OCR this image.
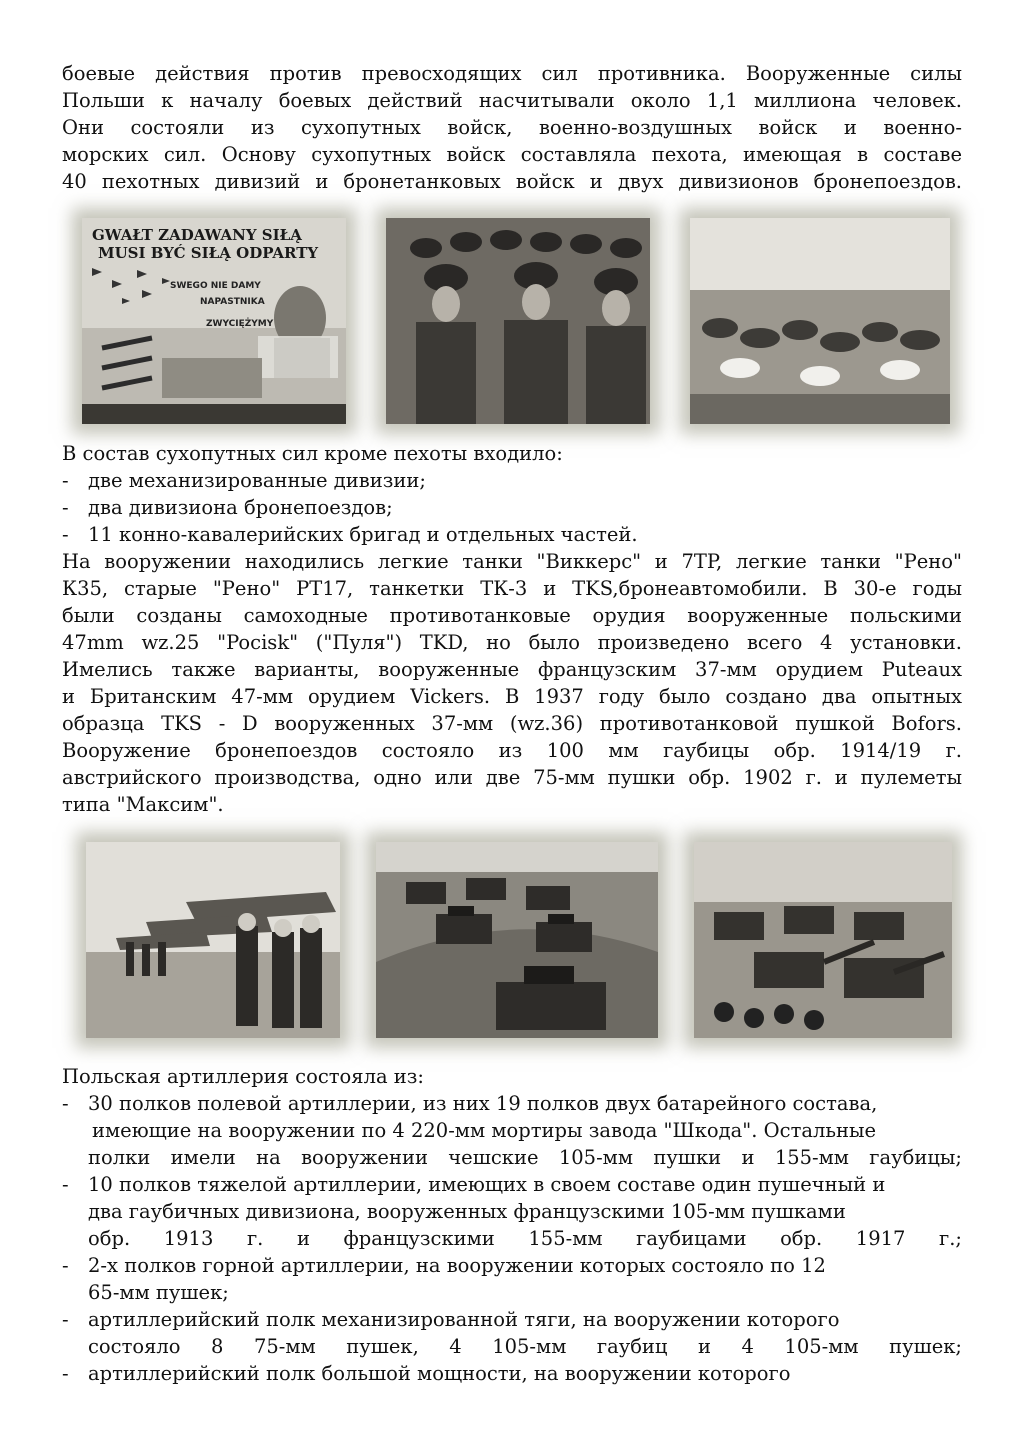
боевые действия против превосходящих сил противника. Вооруженные силы
Польши к началу боевых действий насчитывали около 1,1 миллиона человек.
Они состояли из сухопутных войск, военно-воздушных войск и военно-
морских сил. Основу сухопутных войск составляла пехота, имеющая в составе
40 пехотных дивизий и бронетанковых войск и двух дивизионов бронепоездов.

GWAŁT ZADAWANY SIŁĄ
MUSI BYĆ SIŁĄ ODPARTY
SWEGO NIE DAMY
NAPASTNIKA
ZWYCIĘŻYMY

В состав сухопутных сил кроме пехоты входило:

- две механизированные дивизии;
- два дивизиона бронепоездов;
- 11 конно-кавалерийских бригад и отдельных частей.

На вооружении находились легкие танки "Виккерс" и 7TP, легкие танки "Рено"
К35, старые "Рено" РТ17, танкетки ТК-3 и TKS,бронеавтомобили. В 30-е годы
были созданы самоходные противотанковые орудия вооруженные польскими
47mm wz.25 "Pocisk" ("Пуля") TKD, но было произведено всего 4 установки.
Имелись также варианты, вооруженные французским 37-мм орудием Puteaux
и Британским 47-мм орудием Vickers. В 1937 году было создано два опытных
образца TKS - D вооруженных 37-мм (wz.36) противотанковой пушкой Bofors.
Вооружение бронепоездов состояло из 100 мм гаубицы обр. 1914/19 г.
австрийского производства, одно или две 75-мм пушки обр. 1902 г. и пулеметы
типа "Максим".

Польская артиллерия состояла из:

- 30 полков полевой артиллерии, из них 19 полков двух батарейного состава,
имеющие на вооружении по 4 220-мм мортиры завода "Шкода". Остальные
полки имели на вооружении чешские 105-мм пушки и 155-мм гаубицы;
- 10 полков тяжелой артиллерии, имеющих в своем составе один пушечный и
два гаубичных дивизиона, вооруженных французскими 105-мм пушками
обр. 1913 г. и французскими 155-мм гаубицами обр. 1917 г.;
- 2-х полков горной артиллерии, на вооружении которых состояло по 12
65-мм пушек;
- артиллерийский полк механизированной тяги, на вооружении которого
состояло 8 75-мм пушек, 4 105-мм гаубиц и 4 105-мм пушек;
- артиллерийский полк большой мощности, на вооружении которого
